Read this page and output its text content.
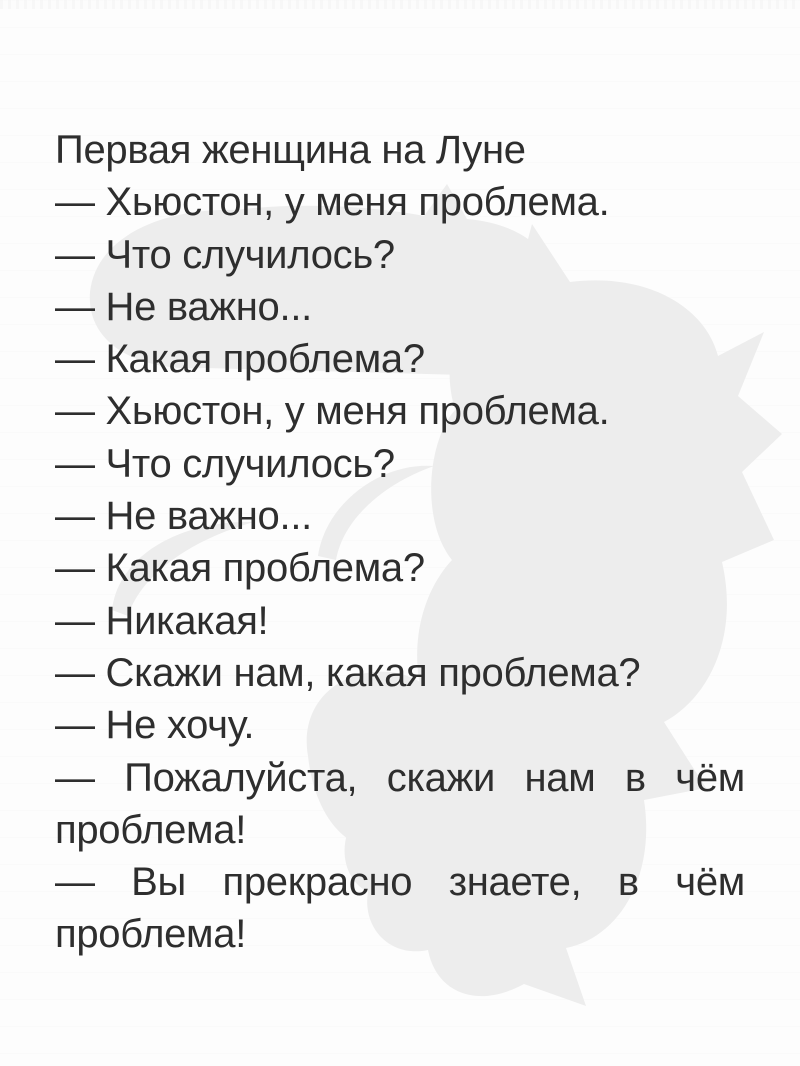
Первая женщина на Луне
— Хьюстон, у меня проблема.
— Что случилось?
— Не важно...
— Какая проблема?
— Хьюстон, у меня проблема.
— Что случилось?
— Не важно...
— Какая проблема?
— Никакая!
— Скажи нам, какая проблема?
— Не хочу.

— Пожалуйста, скажи нам в чём проблема!

— Вы прекрасно знаете, в чём проблема!
